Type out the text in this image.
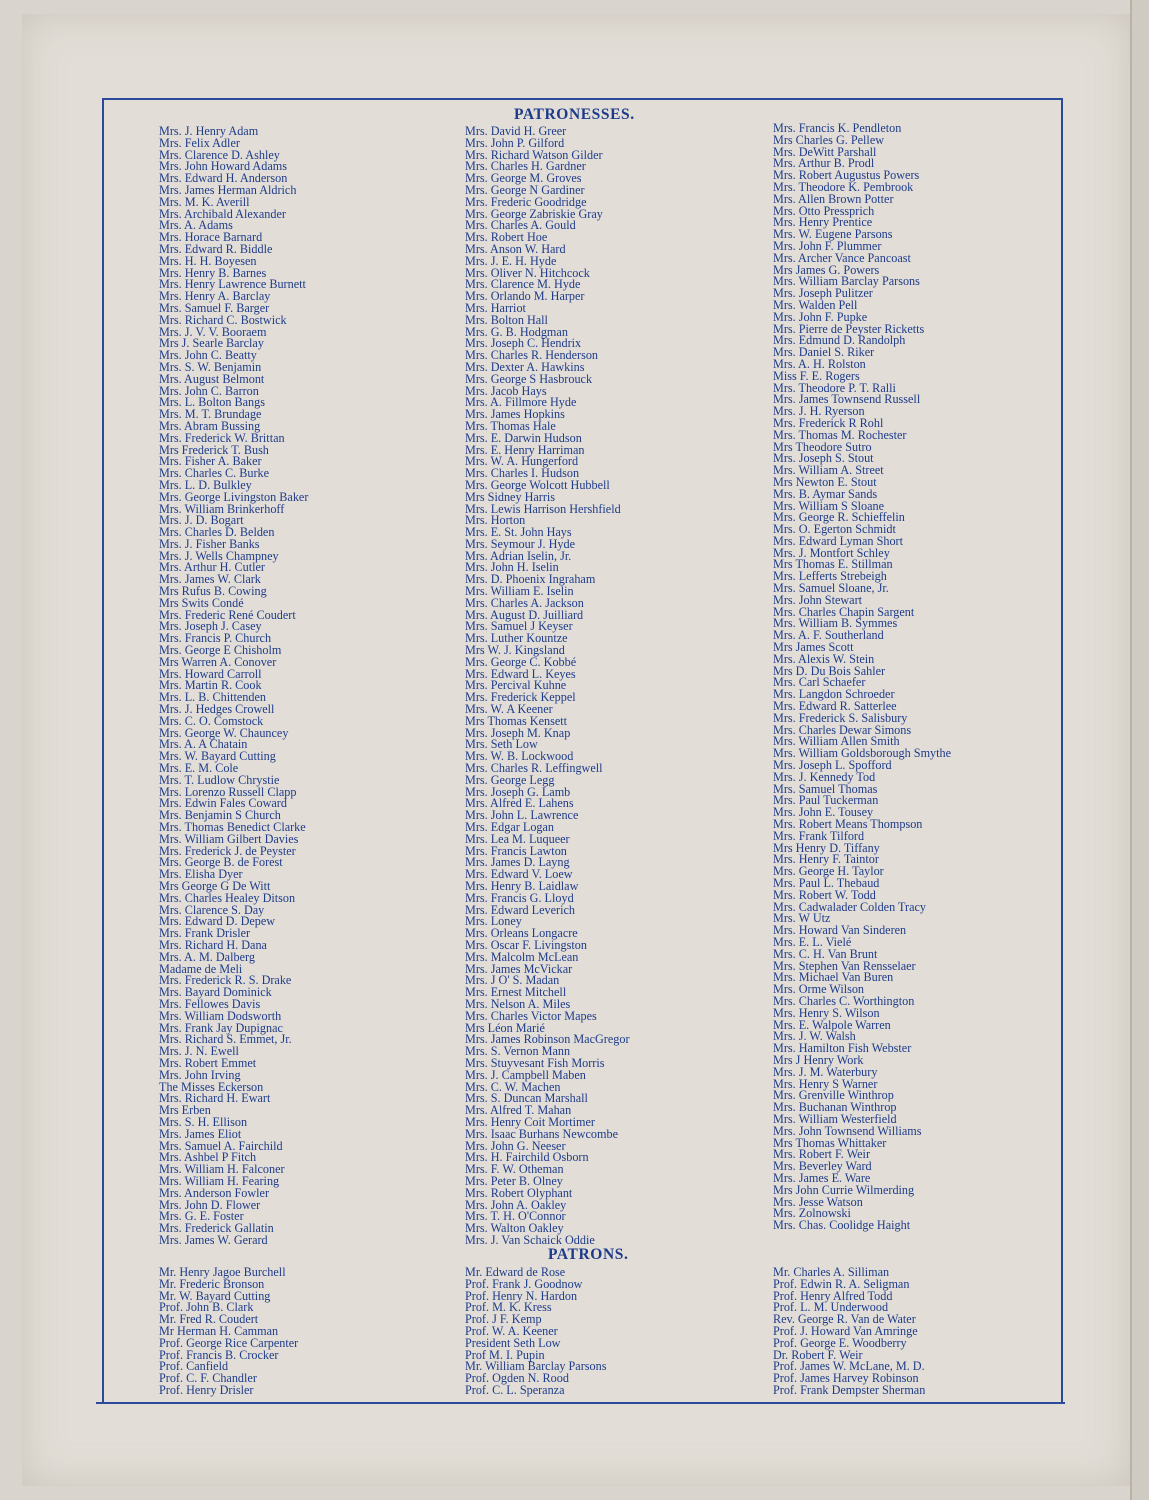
PATRONESSES.
Mrs. J. Henry Adam
Mrs. Felix Adler
Mrs. Clarence D. Ashley
Mrs. John Howard Adams
Mrs. Edward H. Anderson
Mrs. James Herman Aldrich
Mrs. M. K. Averill
Mrs. Archibald Alexander
Mrs. A. Adams
Mrs. Horace Barnard
Mrs. Edward R. Biddle
Mrs. H. H. Boyesen
Mrs. Henry B. Barnes
Mrs. Henry Lawrence Burnett
Mrs. Henry A. Barclay
Mrs. Samuel F. Barger
Mrs. Richard C. Bostwick
Mrs. J. V. V. Booraem
Mrs J. Searle Barclay
Mrs. John C. Beatty
Mrs. S. W. Benjamin
Mrs. August Belmont
Mrs. John C. Barron
Mrs. L. Bolton Bangs
Mrs. M. T. Brundage
Mrs. Abram Bussing
Mrs. Frederick W. Brittan
Mrs Frederick T. Bush
Mrs. Fisher A. Baker
Mrs. Charles C. Burke
Mrs. L. D. Bulkley
Mrs. George Livingston Baker
Mrs. William Brinkerhoff
Mrs. J. D. Bogart
Mrs. Charles D. Belden
Mrs. J. Fisher Banks
Mrs. J. Wells Champney
Mrs. Arthur H. Cutler
Mrs. James W. Clark
Mrs Rufus B. Cowing
Mrs Swits Condé
Mrs. Frederic René Coudert
Mrs. Joseph J. Casey
Mrs. Francis P. Church
Mrs. George E Chisholm
Mrs Warren A. Conover
Mrs. Howard Carroll
Mrs. Martin R. Cook
Mrs. L. B. Chittenden
Mrs. J. Hedges Crowell
Mrs. C. O. Comstock
Mrs. George W. Chauncey
Mrs. A. A Chatain
Mrs. W. Bayard Cutting
Mrs. E. M. Cole
Mrs. T. Ludlow Chrystie
Mrs. Lorenzo Russell Clapp
Mrs. Edwin Fales Coward
Mrs. Benjamin S Church
Mrs. Thomas Benedict Clarke
Mrs. William Gilbert Davies
Mrs. Frederick J. de Peyster
Mrs. George B. de Forest
Mrs. Elisha Dyer
Mrs George G De Witt
Mrs. Charles Healey Ditson
Mrs. Clarence S. Day
Mrs. Edward D. Depew
Mrs. Frank Drisler
Mrs. Richard H. Dana
Mrs. A. M. Dalberg
Madame de Meli
Mrs. Frederick R. S. Drake
Mrs. Bayard Dominick
Mrs. Fellowes Davis
Mrs. William Dodsworth
Mrs. Frank Jay Dupignac
Mrs. Richard S. Emmet, Jr.
Mrs. J. N. Ewell
Mrs. Robert Emmet
Mrs. John Irving
The Misses Eckerson
Mrs. Richard H. Ewart
Mrs Erben
Mrs. S. H. Ellison
Mrs. James Eliot
Mrs. Samuel A. Fairchild
Mrs. Ashbel P Fitch
Mrs. William H. Falconer
Mrs. William H. Fearing
Mrs. Anderson Fowler
Mrs. John D. Flower
Mrs. G. E. Foster
Mrs. Frederick Gallatin
Mrs. James W. Gerard
Mrs. David H. Greer
Mrs. John P. Gilford
Mrs. Richard Watson Gilder
Mrs. Charles H. Gardner
Mrs. George M. Groves
Mrs. George N Gardiner
Mrs. Frederic Goodridge
Mrs. George Zabriskie Gray
Mrs. Charles A. Gould
Mrs. Robert Hoe
Mrs. Anson W. Hard
Mrs. J. E. H. Hyde
Mrs. Oliver N. Hitchcock
Mrs. Clarence M. Hyde
Mrs. Orlando M. Harper
Mrs. Harriot
Mrs. Bolton Hall
Mrs. G. B. Hodgman
Mrs. Joseph C. Hendrix
Mrs. Charles R. Henderson
Mrs. Dexter A. Hawkins
Mrs. George S Hasbrouck
Mrs. Jacob Hays
Mrs. A. Fillmore Hyde
Mrs. James Hopkins
Mrs. Thomas Hale
Mrs. E. Darwin Hudson
Mrs. E. Henry Harriman
Mrs. W. A. Hungerford
Mrs. Charles I. Hudson
Mrs. George Wolcott Hubbell
Mrs Sidney Harris
Mrs. Lewis Harrison Hershfield
Mrs. Horton
Mrs. E. St. John Hays
Mrs. Seymour J. Hyde
Mrs. Adrian Iselin, Jr.
Mrs. John H. Iselin
Mrs. D. Phoenix Ingraham
Mrs. William E. Iselin
Mrs. Charles A. Jackson
Mrs. August D. Juilliard
Mrs. Samuel J Keyser
Mrs. Luther Kountze
Mrs W. J. Kingsland
Mrs. George C. Kobbé
Mrs. Edward L. Keyes
Mrs. Percival Kuhne
Mrs. Frederick Keppel
Mrs. W. A Keener
Mrs Thomas Kensett
Mrs. Joseph M. Knap
Mrs. Seth Low
Mrs. W. B. Lockwood
Mrs. Charles R. Leffingwell
Mrs. George Legg
Mrs. Joseph G. Lamb
Mrs. Alfred E. Lahens
Mrs. John L. Lawrence
Mrs. Edgar Logan
Mrs. Lea M. Luqueer
Mrs. Francis Lawton
Mrs. James D. Layng
Mrs. Edward V. Loew
Mrs. Henry B. Laidlaw
Mrs. Francis G. Lloyd
Mrs. Edward Leverich
Mrs. Loney
Mrs. Orleans Longacre
Mrs. Oscar F. Livingston
Mrs. Malcolm McLean
Mrs. James McVickar
Mrs. J O' S. Madan
Mrs. Ernest Mitchell
Mrs. Nelson A. Miles
Mrs. Charles Victor Mapes
Mrs Léon Marié
Mrs. James Robinson MacGregor
Mrs. S. Vernon Mann
Mrs. Stuyvesant Fish Morris
Mrs. J. Campbell Maben
Mrs. C. W. Machen
Mrs. S. Duncan Marshall
Mrs. Alfred T. Mahan
Mrs. Henry Coit Mortimer
Mrs. Isaac Burhans Newcombe
Mrs. John G. Neeser
Mrs. H. Fairchild Osborn
Mrs. F. W. Otheman
Mrs. Peter B. Olney
Mrs. Robert Olyphant
Mrs. John A. Oakley
Mrs. T. H. O'Connor
Mrs. Walton Oakley
Mrs. J. Van Schaick Oddie
Mrs. Francis K. Pendleton
Mrs Charles G. Pellew
Mrs. DeWitt Parshall
Mrs. Arthur B. Prodl
Mrs. Robert Augustus Powers
Mrs. Theodore K. Pembrook
Mrs. Allen Brown Potter
Mrs. Otto Pressprich
Mrs. Henry Prentice
Mrs. W. Eugene Parsons
Mrs. John F. Plummer
Mrs. Archer Vance Pancoast
Mrs James G. Powers
Mrs. William Barclay Parsons
Mrs. Joseph Pulitzer
Mrs. Walden Pell
Mrs. John F. Pupke
Mrs. Pierre de Peyster Ricketts
Mrs. Edmund D. Randolph
Mrs. Daniel S. Riker
Mrs. A. H. Rolston
Miss F. E. Rogers
Mrs. Theodore P. T. Ralli
Mrs. James Townsend Russell
Mrs. J. H. Ryerson
Mrs. Frederick R Rohl
Mrs. Thomas M. Rochester
Mrs Theodore Sutro
Mrs. Joseph S. Stout
Mrs. William A. Street
Mrs Newton E. Stout
Mrs. B. Aymar Sands
Mrs. William S Sloane
Mrs. George R. Schieffelin
Mrs. O. Egerton Schmidt
Mrs. Edward Lyman Short
Mrs. J. Montfort Schley
Mrs Thomas E. Stillman
Mrs. Lefferts Strebeigh
Mrs. Samuel Sloane, Jr.
Mrs. John Stewart
Mrs. Charles Chapin Sargent
Mrs. William B. Symmes
Mrs. A. F. Southerland
Mrs James Scott
Mrs. Alexis W. Stein
Mrs D. Du Bois Sahler
Mrs. Carl Schaefer
Mrs. Langdon Schroeder
Mrs. Edward R. Satterlee
Mrs. Frederick S. Salisbury
Mrs. Charles Dewar Simons
Mrs. William Allen Smith
Mrs. William Goldsborough Smythe
Mrs. Joseph L. Spofford
Mrs. J. Kennedy Tod
Mrs. Samuel Thomas
Mrs. Paul Tuckerman
Mrs. John E. Tousey
Mrs. Robert Means Thompson
Mrs. Frank Tilford
Mrs Henry D. Tiffany
Mrs. Henry F. Taintor
Mrs. George H. Taylor
Mrs. Paul L. Thebaud
Mrs. Robert W. Todd
Mrs. Cadwalader Colden Tracy
Mrs. W Utz
Mrs. Howard Van Sinderen
Mrs. E. L. Vielé
Mrs. C. H. Van Brunt
Mrs. Stephen Van Rensselaer
Mrs. Michael Van Buren
Mrs. Orme Wilson
Mrs. Charles C. Worthington
Mrs. Henry S. Wilson
Mrs. E. Walpole Warren
Mrs. J. W. Walsh
Mrs. Hamilton Fish Webster
Mrs J Henry Work
Mrs. J. M. Waterbury
Mrs. Henry S Warner
Mrs. Grenville Winthrop
Mrs. Buchanan Winthrop
Mrs. William Westerfield
Mrs. John Townsend Williams
Mrs Thomas Whittaker
Mrs. Robert F. Weir
Mrs. Beverley Ward
Mrs. James E. Ware
Mrs John Currie Wilmerding
Mrs. Jesse Watson
Mrs. Zolnowski
Mrs. Chas. Coolidge Haight
PATRONS.
Mr. Henry Jagoe Burchell
Mr. Frederic Bronson
Mr. W. Bayard Cutting
Prof. John B. Clark
Mr. Fred R. Coudert
Mr Herman H. Camman
Prof. George Rice Carpenter
Prof. Francis B. Crocker
Prof. Canfield
Prof. C. F. Chandler
Prof. Henry Drisler
Mr. Edward de Rose
Prof. Frank J. Goodnow
Prof. Henry N. Hardon
Prof. M. K. Kress
Prof. J F. Kemp
Prof. W. A. Keener
President Seth Low
Prof M. I. Pupin
Mr. William Barclay Parsons
Prof. Ogden N. Rood
Prof. C. L. Speranza
Mr. Charles A. Silliman
Prof. Edwin R. A. Seligman
Prof. Henry Alfred Todd
Prof. L. M. Underwood
Rev. George R. Van de Water
Prof. J. Howard Van Amringe
Prof. George E. Woodberry
Dr. Robert F. Weir
Prof. James W. McLane, M. D.
Prof. James Harvey Robinson
Prof. Frank Dempster Sherman
